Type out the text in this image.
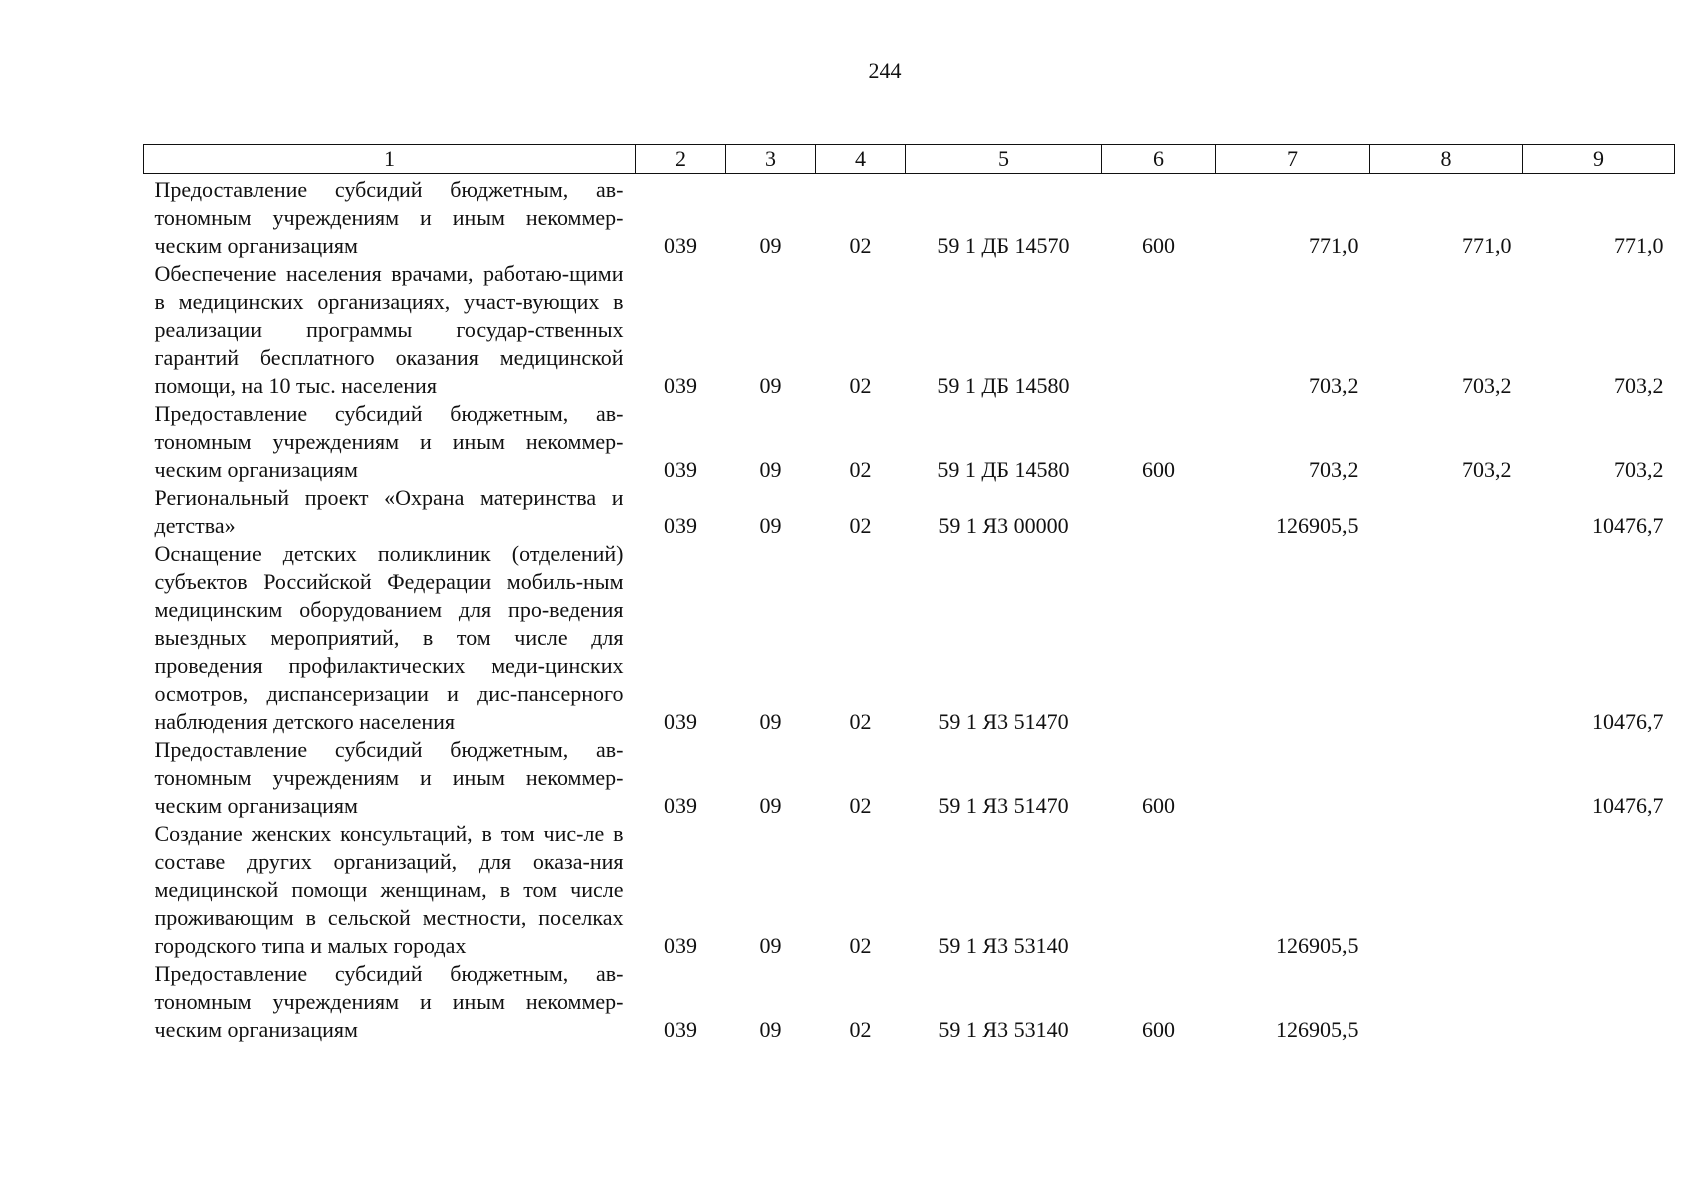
244
1	2	3	4	5	6	7	8	9
Предоставление субсидий бюджетным, ав-тономным учреждениям и иным некоммер-ческим организациям	039	09	02	59 1 ДБ 14570	600	771,0	771,0	771,0
Обеспечение населения врачами, работаю-щими в медицинских организациях, участ-вующих в реализации программы государ-ственных гарантий бесплатного оказания медицинской помощи, на 10 тыс. населения	039	09	02	59 1 ДБ 14580		703,2	703,2	703,2
Предоставление субсидий бюджетным, ав-тономным учреждениям и иным некоммер-ческим организациям	039	09	02	59 1 ДБ 14580	600	703,2	703,2	703,2
Региональный проект «Охрана материнства и детства»	039	09	02	59 1 Я3 00000		126905,5		10476,7
Оснащение детских поликлиник (отделений) субъектов Российской Федерации мобиль-ным медицинским оборудованием для про-ведения выездных мероприятий, в том числе для проведения профилактических меди-цинских осмотров, диспансеризации и дис-пансерного наблюдения детского населения	039	09	02	59 1 Я3 51470				10476,7
Предоставление субсидий бюджетным, ав-тономным учреждениям и иным некоммер-ческим организациям	039	09	02	59 1 Я3 51470	600			10476,7
Создание женских консультаций, в том чис-ле в составе других организаций, для оказа-ния медицинской помощи женщинам, в том числе проживающим в сельской местности, поселках городского типа и малых городах	039	09	02	59 1 Я3 53140		126905,5		
Предоставление субсидий бюджетным, ав-тономным учреждениям и иным некоммер-ческим организациям	039	09	02	59 1 Я3 53140	600	126905,5		
